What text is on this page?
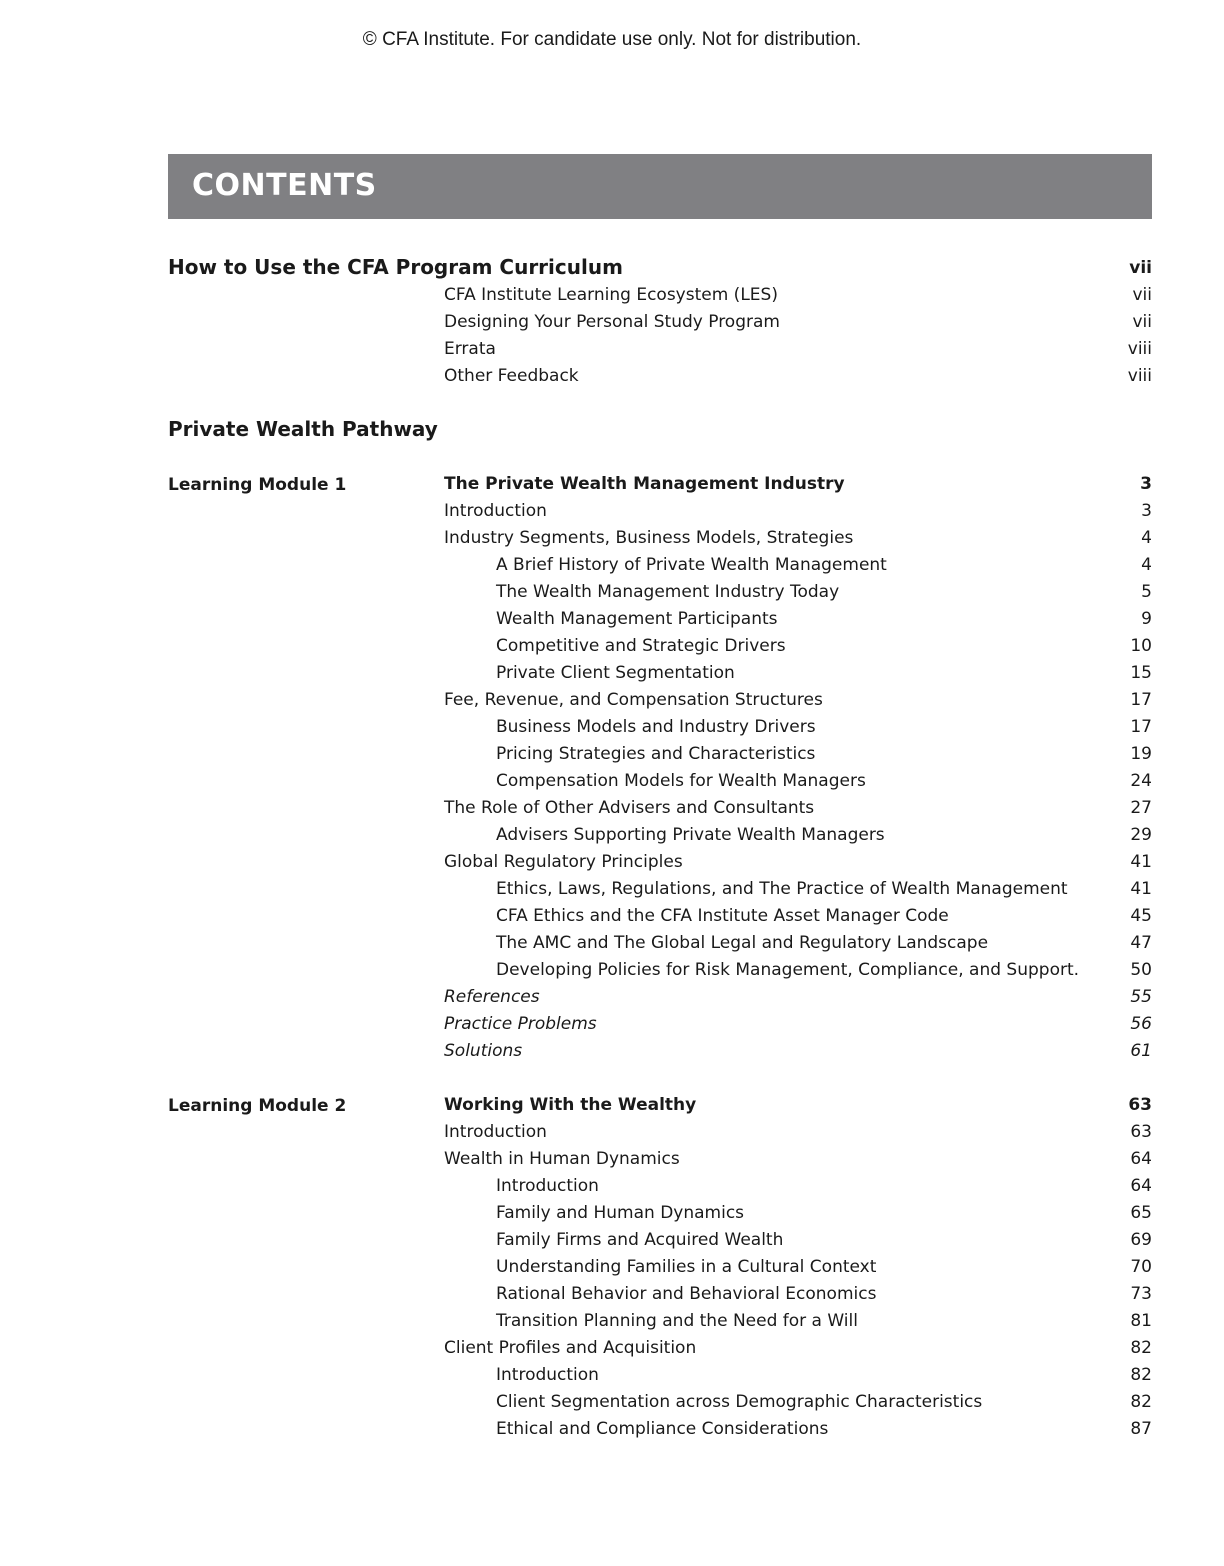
© CFA Institute. For candidate use only. Not for distribution.
CONTENTS
How to Use the CFA Program Curriculum	vii
CFA Institute Learning Ecosystem (LES)	vii
Designing Your Personal Study Program	vii
Errata	viii
Other Feedback	viii
Private Wealth Pathway
Learning Module 1	The Private Wealth Management Industry	3
Introduction	3
Industry Segments, Business Models, Strategies	4
A Brief History of Private Wealth Management	4
The Wealth Management Industry Today	5
Wealth Management Participants	9
Competitive and Strategic Drivers	10
Private Client Segmentation	15
Fee, Revenue, and Compensation Structures	17
Business Models and Industry Drivers	17
Pricing Strategies and Characteristics	19
Compensation Models for Wealth Managers	24
The Role of Other Advisers and Consultants	27
Advisers Supporting Private Wealth Managers	29
Global Regulatory Principles	41
Ethics, Laws, Regulations, and The Practice of Wealth Management	41
CFA Ethics and the CFA Institute Asset Manager Code	45
The AMC and The Global Legal and Regulatory Landscape	47
Developing Policies for Risk Management, Compliance, and Support.	50
References	55
Practice Problems	56
Solutions	61
Learning Module 2	Working With the Wealthy	63
Introduction	63
Wealth in Human Dynamics	64
Introduction	64
Family and Human Dynamics	65
Family Firms and Acquired Wealth	69
Understanding Families in a Cultural Context	70
Rational Behavior and Behavioral Economics	73
Transition Planning and the Need for a Will	81
Client Profiles and Acquisition	82
Introduction	82
Client Segmentation across Demographic Characteristics	82
Ethical and Compliance Considerations	87
